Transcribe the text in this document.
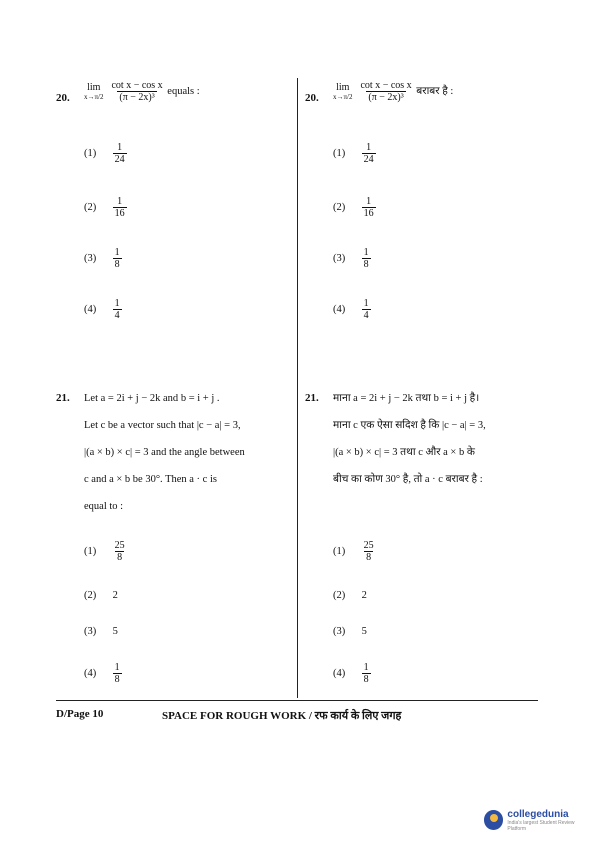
20.
lim
$x\to\pi/2 \frac{\text{cot x − cos x}}{\text{(π − 2x)³}}$ equals :
$(1) \frac{1}{24}$
$(2) \frac{1}{16}$
$(3) \frac{1}{8}$
$(4) \frac{1}{4}$
21. Let a = 2i + j − 2k and b = i + j .
Let c be a vector such that |c − a| = 3,
|(a × b) × c| = 3 and the angle between
c and a × b be 30°. Then a · c is
equal to :
$(1) \frac{25}{8}$
(2) 2
(3) 5
$(4) \frac{1}{8}$
20.
lim
$x\to\pi/2 \frac{\text{cot x − cos x}}{\text{(π − 2x)³}}$ बराबर है :
$(1) \frac{1}{24}$
$(2) \frac{1}{16}$
$(3) \frac{1}{8}$
$(4) \frac{1}{4}$
21. माना a = 2i + j − 2k तथा b = i + j है।
माना c एक ऐसा सदिश है कि |c − a| = 3,
|(a × b) × c| = 3 तथा c और a × b के
बीच का कोण 30° है, तो a · c बराबर है :
$(1) \frac{25}{8}$
(2) 2
(3) 5
$(4) \frac{1}{8}$
D/Page 10	SPACE FOR ROUGH WORK / रफ कार्य के लिए जगह
collegedunia
India's largest Student Review Platform
